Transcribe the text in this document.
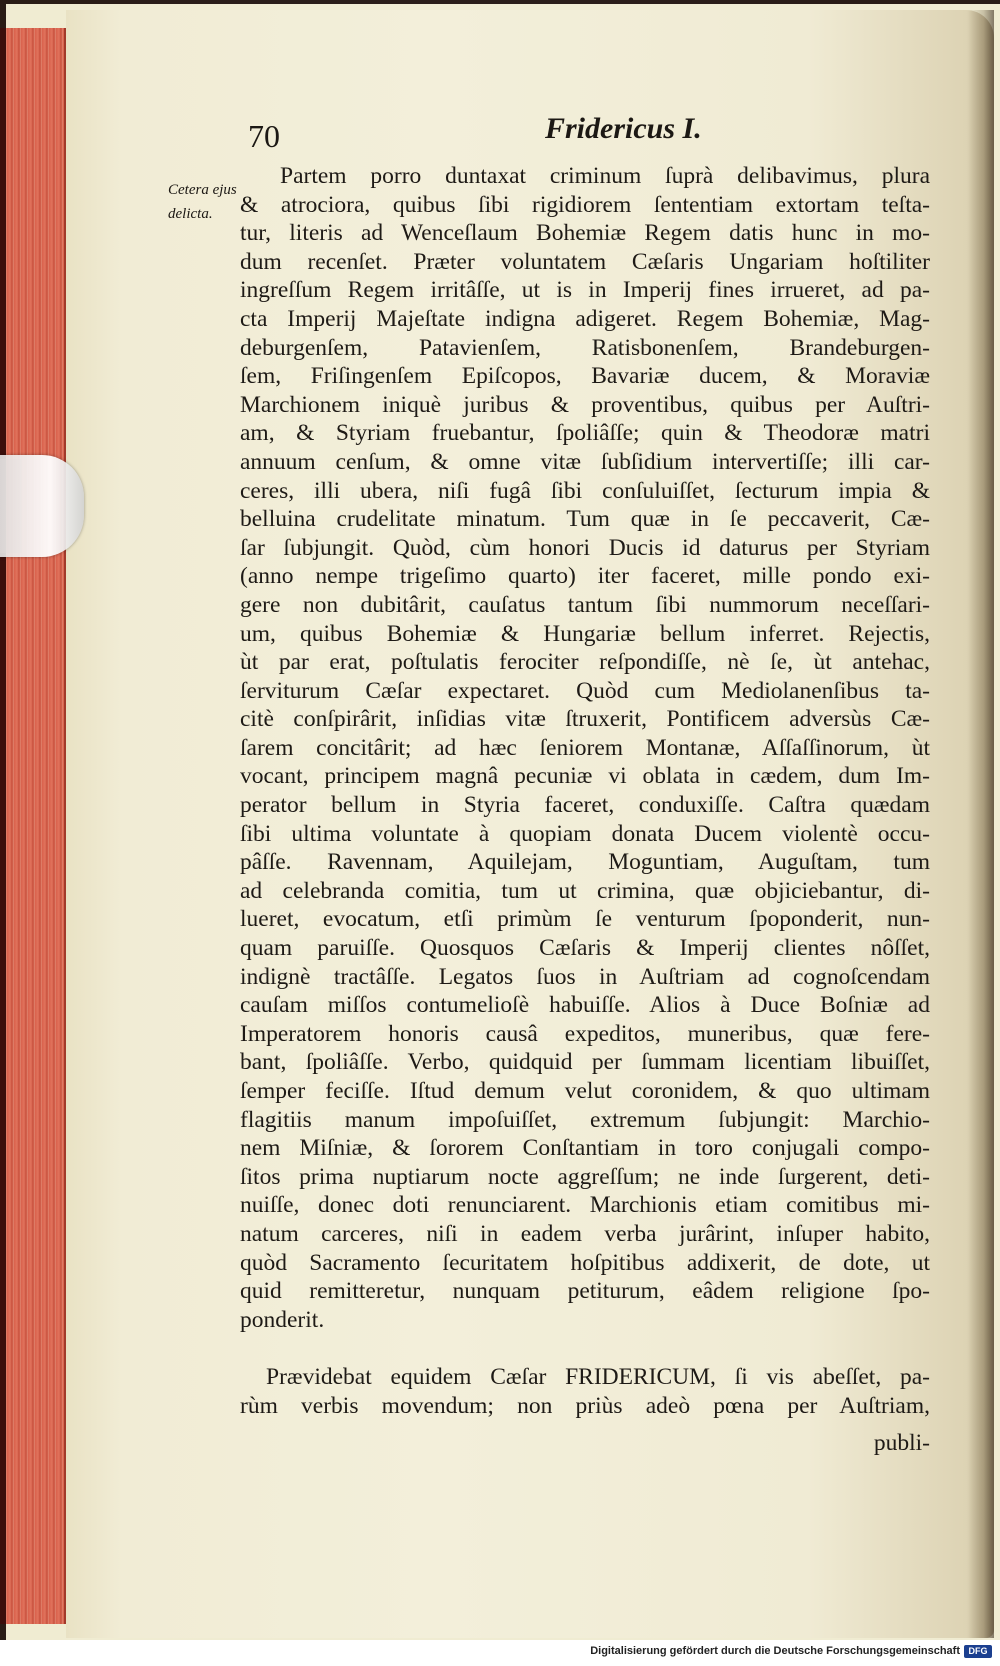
70	Fridericus I.
Cetera ejus
delicta.
Partem porro duntaxat criminum ſuprà delibavimus, plura
& atrociora, quibus ſibi rigidiorem ſententiam extortam teſta-
tur, literis ad Wenceſlaum Bohemiæ Regem datis hunc in mo-
dum recenſet. Præter voluntatem Cæſaris Ungariam hoſtiliter
ingreſſum Regem irritâſſe, ut is in Imperij fines irrueret, ad pa-
cta Imperij Majeſtate indigna adigeret. Regem Bohemiæ, Mag-
deburgenſem, Patavienſem, Ratisbonenſem, Brandeburgen-
ſem, Friſingenſem Epiſcopos, Bavariæ ducem, & Moraviæ
Marchionem iniquè juribus & proventibus, quibus per Auſtri-
am, & Styriam fruebantur, ſpoliâſſe; quin & Theodoræ matri
annuum cenſum, & omne vitæ ſubſidium intervertiſſe; illi car-
ceres, illi ubera, niſi fugâ ſibi conſuluiſſet, ſecturum impia &
belluina crudelitate minatum. Tum quæ in ſe peccaverit, Cæ-
ſar ſubjungit. Quòd, cùm honori Ducis id daturus per Styriam
(anno nempe trigeſimo quarto) iter faceret, mille pondo exi-
gere non dubitârit, cauſatus tantum ſibi nummorum neceſſari-
um, quibus Bohemiæ & Hungariæ bellum inferret. Rejectis,
ùt par erat, poſtulatis ferociter reſpondiſſe, nè ſe, ùt antehac,
ſerviturum Cæſar expectaret. Quòd cum Mediolanenſibus ta-
citè conſpirârit, inſidias vitæ ſtruxerit, Pontificem adversùs Cæ-
ſarem concitârit; ad hæc ſeniorem Montanæ, Aſſaſſinorum, ùt
vocant, principem magnâ pecuniæ vi oblata in cædem, dum Im-
perator bellum in Styria faceret, conduxiſſe. Caſtra quædam
ſibi ultima voluntate à quopiam donata Ducem violentè occu-
pâſſe. Ravennam, Aquilejam, Moguntiam, Auguſtam, tum
ad celebranda comitia, tum ut crimina, quæ objiciebantur, di-
lueret, evocatum, etſi primùm ſe venturum ſpoponderit, nun-
quam paruiſſe. Quosquos Cæſaris & Imperij clientes nôſſet,
indignè tractâſſe. Legatos ſuos in Auſtriam ad cognoſcendam
cauſam miſſos contumelioſè habuiſſe. Alios à Duce Boſniæ ad
Imperatorem honoris causâ expeditos, muneribus, quæ fere-
bant, ſpoliâſſe. Verbo, quidquid per ſummam licentiam libuiſſet,
ſemper feciſſe. Iſtud demum velut coronidem, & quo ultimam
flagitiis manum impoſuiſſet, extremum ſubjungit: Marchio-
nem Miſniæ, & ſororem Conſtantiam in toro conjugali compo-
ſitos prima nuptiarum nocte aggreſſum; ne inde ſurgerent, deti-
nuiſſe, donec doti renunciarent. Marchionis etiam comitibus mi-
natum carceres, niſi in eadem verba jurârint, inſuper habito,
quòd Sacramento ſecuritatem hoſpitibus addixerit, de dote, ut
quid remitteretur, nunquam petiturum, eâdem religione ſpo-
ponderit.
Prævidebat equidem Cæſar FRIDERICUM, ſi vis abeſſet, pa-
rùm verbis movendum; non priùs adeò pœna per Auſtriam,
publi-
Digitalisierung gefördert durch die Deutsche Forschungsgemeinschaft DFG
